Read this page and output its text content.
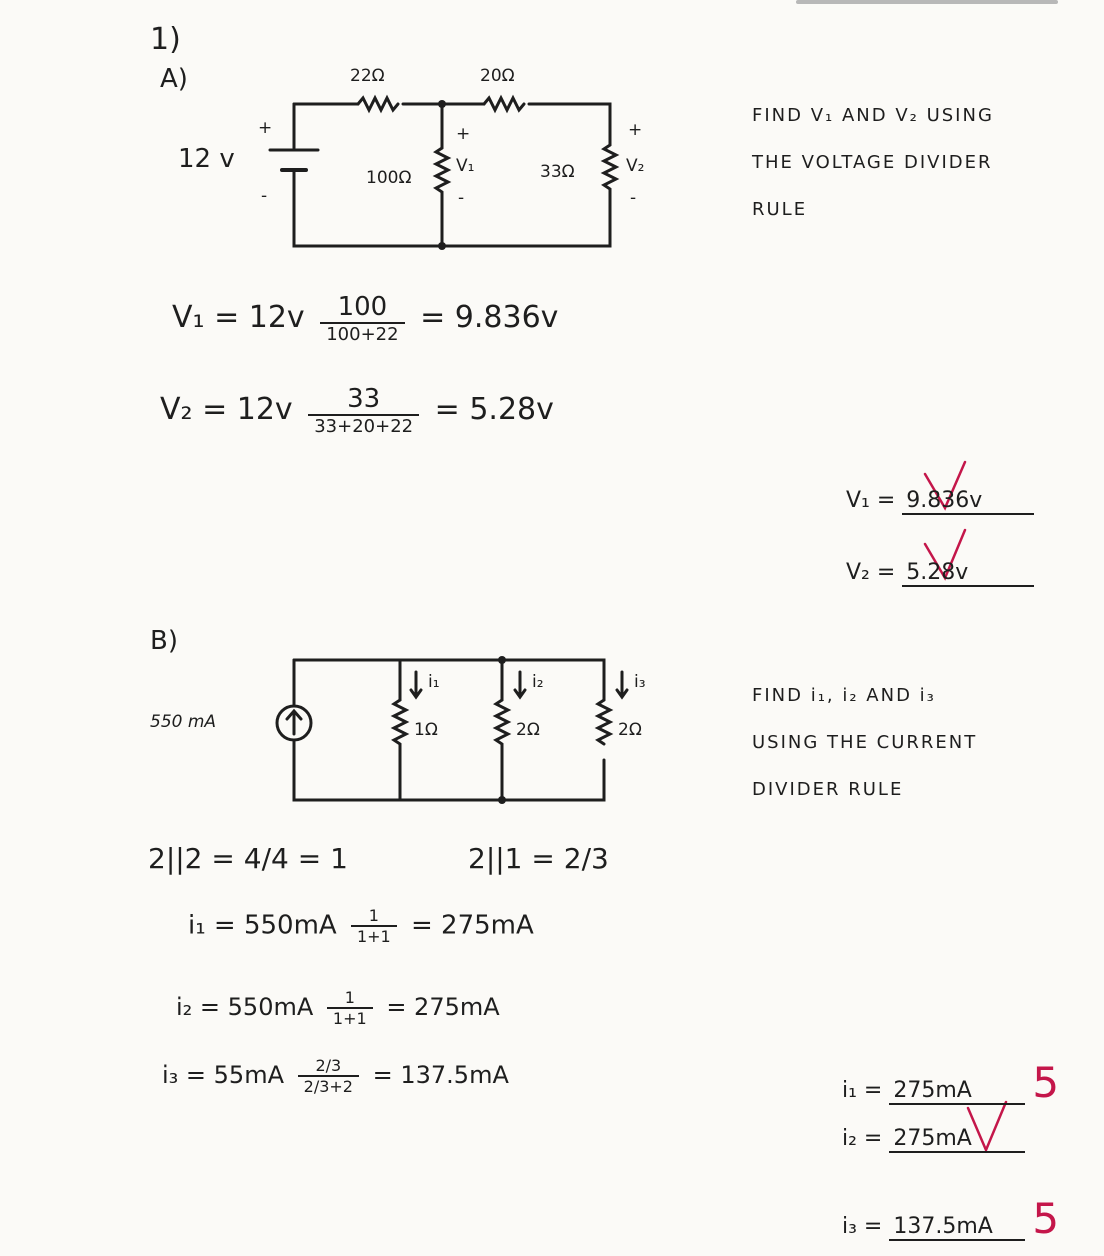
1)
A)
12 v
+
-
22Ω	20Ω
100Ω	33Ω
+
V₁
-
+
V₂
-
FIND V₁ AND V₂ USING
THE VOLTAGE DIVIDER
RULE
$V_1 = 12v \frac{100}{100+22} = 9.836v$
$V_2 = 12v \frac{33}{33+20+22} = 5.28v$
V₁ = 9.836v
V₂ = 5.28v
B)
550 mA
i₁	i₂	i₃
1Ω	2Ω	2Ω
FIND i₁, i₂ AND i₃
USING THE CURRENT
DIVIDER RULE
2||2 = 4/4 = 1	2||1 = 2/3
$i_1 = 550mA \frac{1}{1+1} = 275mA$
$i_2 = 550mA \frac{1}{1+1} = 275mA$
$i_3 = 55mA \frac{2/3}{2/3+2} = 137.5mA$
i₁ = 275mA 5
i₂ = 275mA
i₃ = 137.5mA 5
